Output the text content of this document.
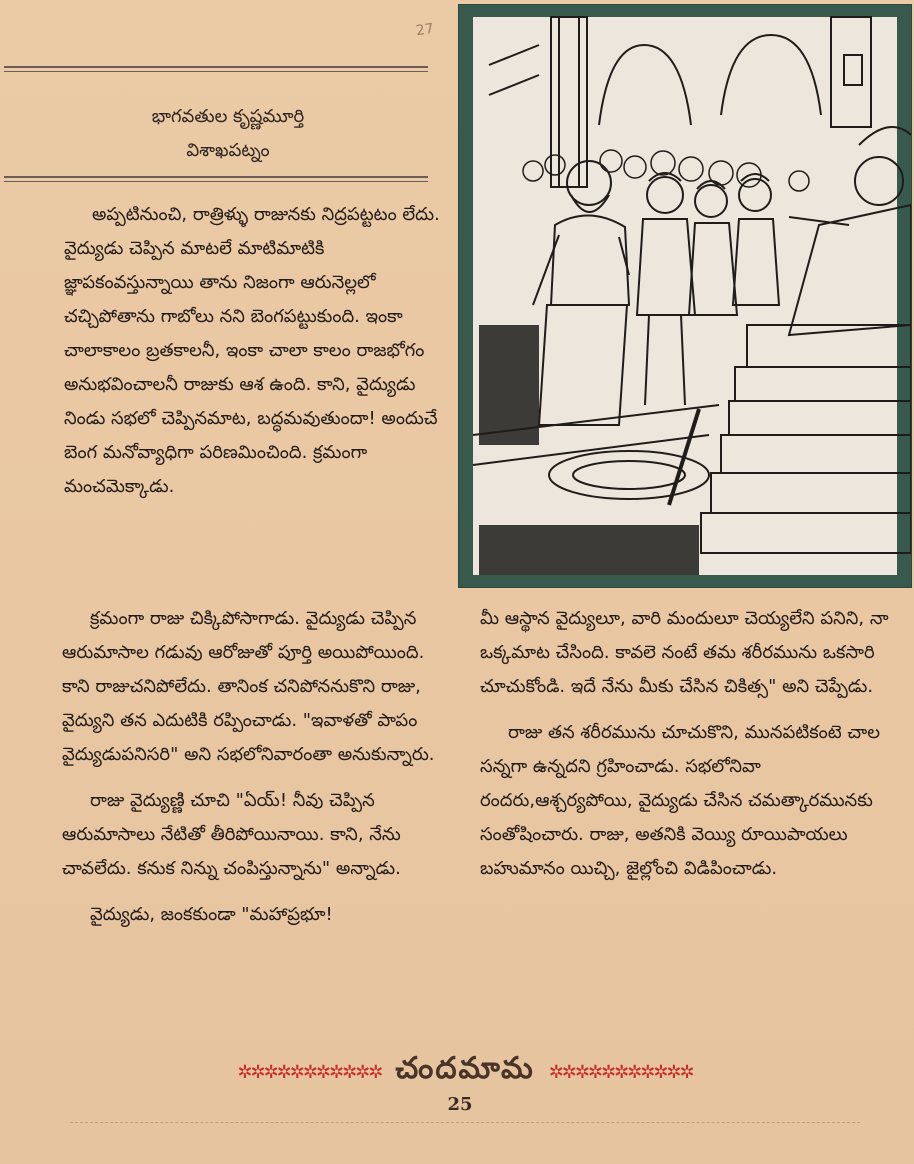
27
భాగవతుల కృష్ణమూర్తి
విశాఖపట్నం
C. NETI

అప్పటినుంచి, రాత్రిళ్ళు రాజునకు నిద్రపట్టటం లేదు. వైద్యుడు చెప్పిన మాటలే మాటిమాటికి జ్ఞాపకంవస్తున్నాయి తాను నిజంగా ఆరునెల్లలో చచ్చిపోతాను గాబోలు నని బెంగపట్టుకుంది. ఇంకా చాలాకాలం బ్రతకాలనీ, ఇంకా చాలా కాలం రాజభోగం అనుభవించాలనీ రాజుకు ఆశ ఉంది. కాని, వైద్యుడు నిండు సభలో చెప్పినమాట, బద్ధమవుతుందా! అందుచే బెంగ మనోవ్యాధిగా పరిణమించింది. క్రమంగా మంచమెక్కాడు.

క్రమంగా రాజు చిక్కిపోసాగాడు. వైద్యుడు చెప్పిన ఆరుమాసాల గడువు ఆరోజుతో పూర్తి అయిపోయింది. కాని రాజుచనిపోలేదు. తానింక చనిపోననుకొని రాజు, వైద్యుని తన ఎదుటికి రప్పించాడు. "ఇవాళతో పాపం వైద్యుడుపనిసరి" అని సభలోనివారంతా అనుకున్నారు.

రాజు వైద్యుణ్ణి చూచి "ఏయ్! నీవు చెప్పిన ఆరుమాసాలు నేటితో తీరిపోయినాయి. కాని, నేను చావలేదు. కనుక నిన్ను చంపిస్తున్నాను" అన్నాడు.

వైద్యుడు, జంకకుండా "మహాప్రభూ!

మీ ఆస్థాన వైద్యులూ, వారి మందులూ చెయ్యలేని పనిని, నా ఒక్కమాట చేసింది. కావలె నంటే తమ శరీరమును ఒకసారి చూచుకోండి. ఇదే నేను మీకు చేసిన చికిత్స" అని చెప్పేడు.

రాజు తన శరీరమును చూచుకొని, మునపటికంటె చాల సన్నగా ఉన్నదని గ్రహించాడు. సభలోనివా రందరు,ఆశ్చర్యపోయి, వైద్యుడు చేసిన చమత్కారమునకు సంతోషించారు. రాజు, అతనికి వెయ్యి రూయిపాయలు బహుమానం యిచ్చి, జైల్లోంచి విడిపించాడు.

✲✲✲✲✲✲✲✲✲✲✲ చందమామ ✲✲✲✲✲✲✲✲✲✲✲
25
